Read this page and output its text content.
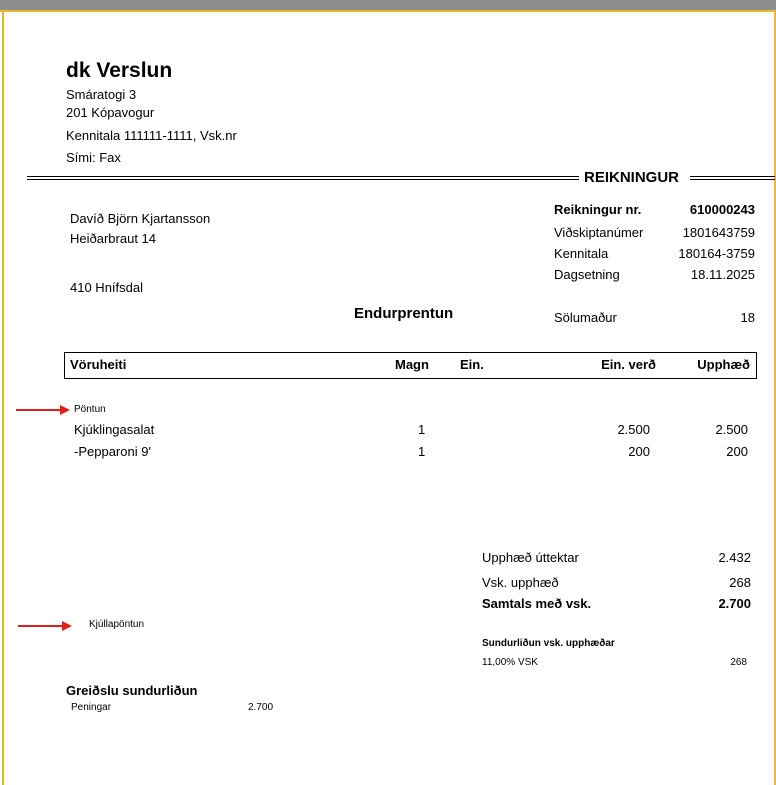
dk Verslun
Smáratogi 3
201 Kópavogur
Kennitala 111111-1111, Vsk.nr
Sími: Fax
REIKNINGUR
Davíð Björn Kjartansson
Heiðarbraut 14
410 Hnífsdal
Endurprentun
Reikningur nr.	610000243
Viðskiptanúmer	1801643759
Kennitala	180164-3759
Dagsetning	18.11.2025
Sölumaður	18
Vöruheiti	Magn Ein.	Ein. verð	Upphæð
Pöntun
Kjúklingasalat	1	2.500	2.500
-Pepparoni 9'	1	200	200
Upphæð úttektar	2.432
Vsk. upphæð	268
Samtals með vsk.	2.700
Kjúllapöntun
Sundurliðun vsk. upphæðar
11,00% VSK	268
Greiðslu sundurliðun
Peningar	2.700
